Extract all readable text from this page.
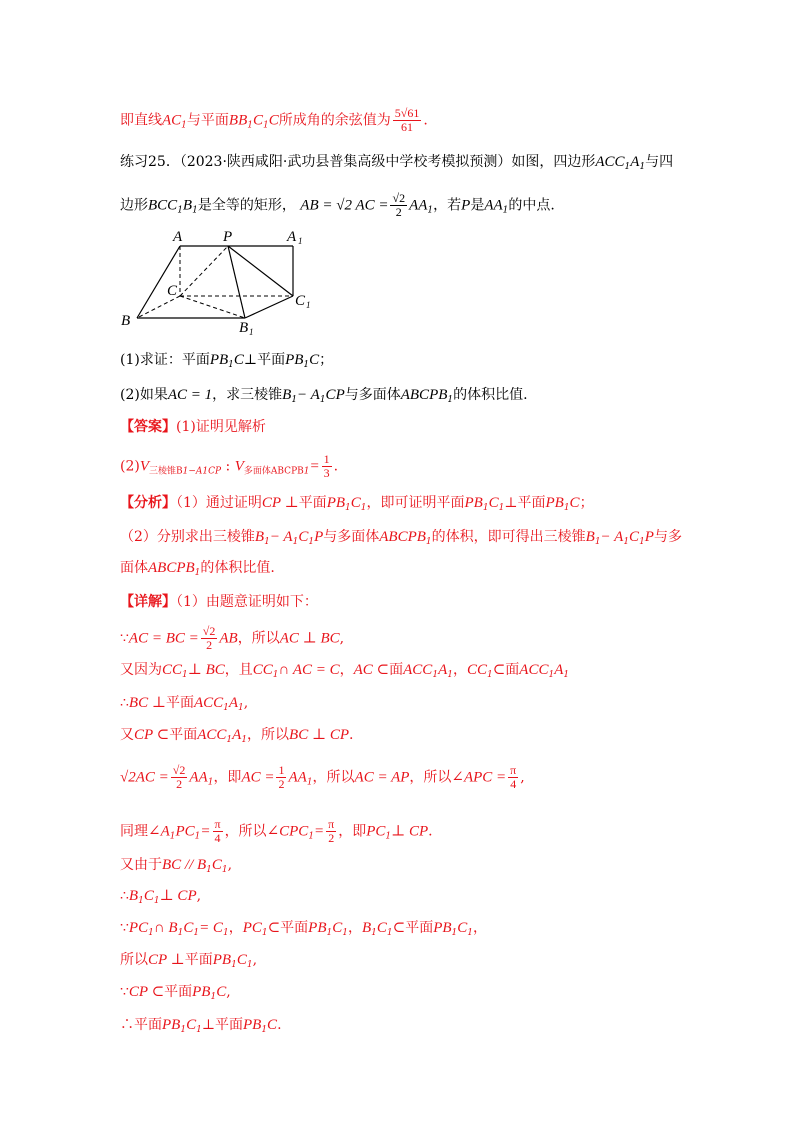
即直线$AC_1$与平面$BB_1C_1C$所成角的余弦值为 $\frac{5√61}{61}$ .
练习25．（2023·陕西咸阳·武功县普集高级中学校考模拟预测）如图，四边形$ACC_1A_1$与四
边形$BCC_1B_1$是全等的矩形， AB = √2 AC = $\frac{√2}{2} AA_1$，若P是$AA_1$的中点.
A	P	A 1
C
C 1
B	B 1
(1)求证：平面$PB_1C\perp$平面$PB_1C$；
(2)如果AC = 1，求三棱锥$B_1- A_1CP$与多面体$ABCPB_1$的体积比值.
【答案】(1)证明见解析
$(2)V_{三棱锥B1-A1CP}$ : $V_{多面体ABCPB1}= \frac{1}{3}$ .
【分析】（1）通过证明CP ⊥平面$PB_1C_1$，即可证明平面$PB_1C_1\perp$平面$PB_1C$；
（2）分别求出三棱锥$B_1- A_1C_1P$与多面体$ABCPB_1$的体积，即可得出三棱锥$B_1- A_1C_1P$与多
面体$ABCPB_1$的体积比值.
【详解】（1）由题意证明如下：
∵AC = BC = $\frac{√2}{2}$ AB，所以AC ⊥ BC,
又因为$CC_1\perp$ BC，且$CC_1\cap$ AC = C，AC ⊂面$ACC_1A_1$，$CC_1\subset$面$ACC_1A_1$
∴BC ⊥平面$ACC_1A_1$,
又CP ⊂平面$ACC_1A_1$，所以BC ⊥ CP.
$√2AC = \frac{√2}{2} AA_1$，即AC = $\frac{1}{2} AA_1$，所以AC = AP，所以∠APC = $\frac{\pi}{4}$ ,
同理$\angle A_1PC_1= \frac{\pi}{4}$ ，所以$\angle CPC_1= \frac{\pi}{2}$ ，即$PC_1\perp$ CP.
又由于BC // $B_1C_1$,
$\therefore B_1C_1\perp$ CP,
$\because PC_1\cap$ $B_1C_1= C_1$，$PC_1\subset$平面$PB_1C_1$，$B_1C_1\subset$平面$PB_1C_1$，
所以CP ⊥平面$PB_1C_1$,
∵CP ⊂平面$PB_1C$,
∴平面$PB_1C_1\perp$平面$PB_1C$.
